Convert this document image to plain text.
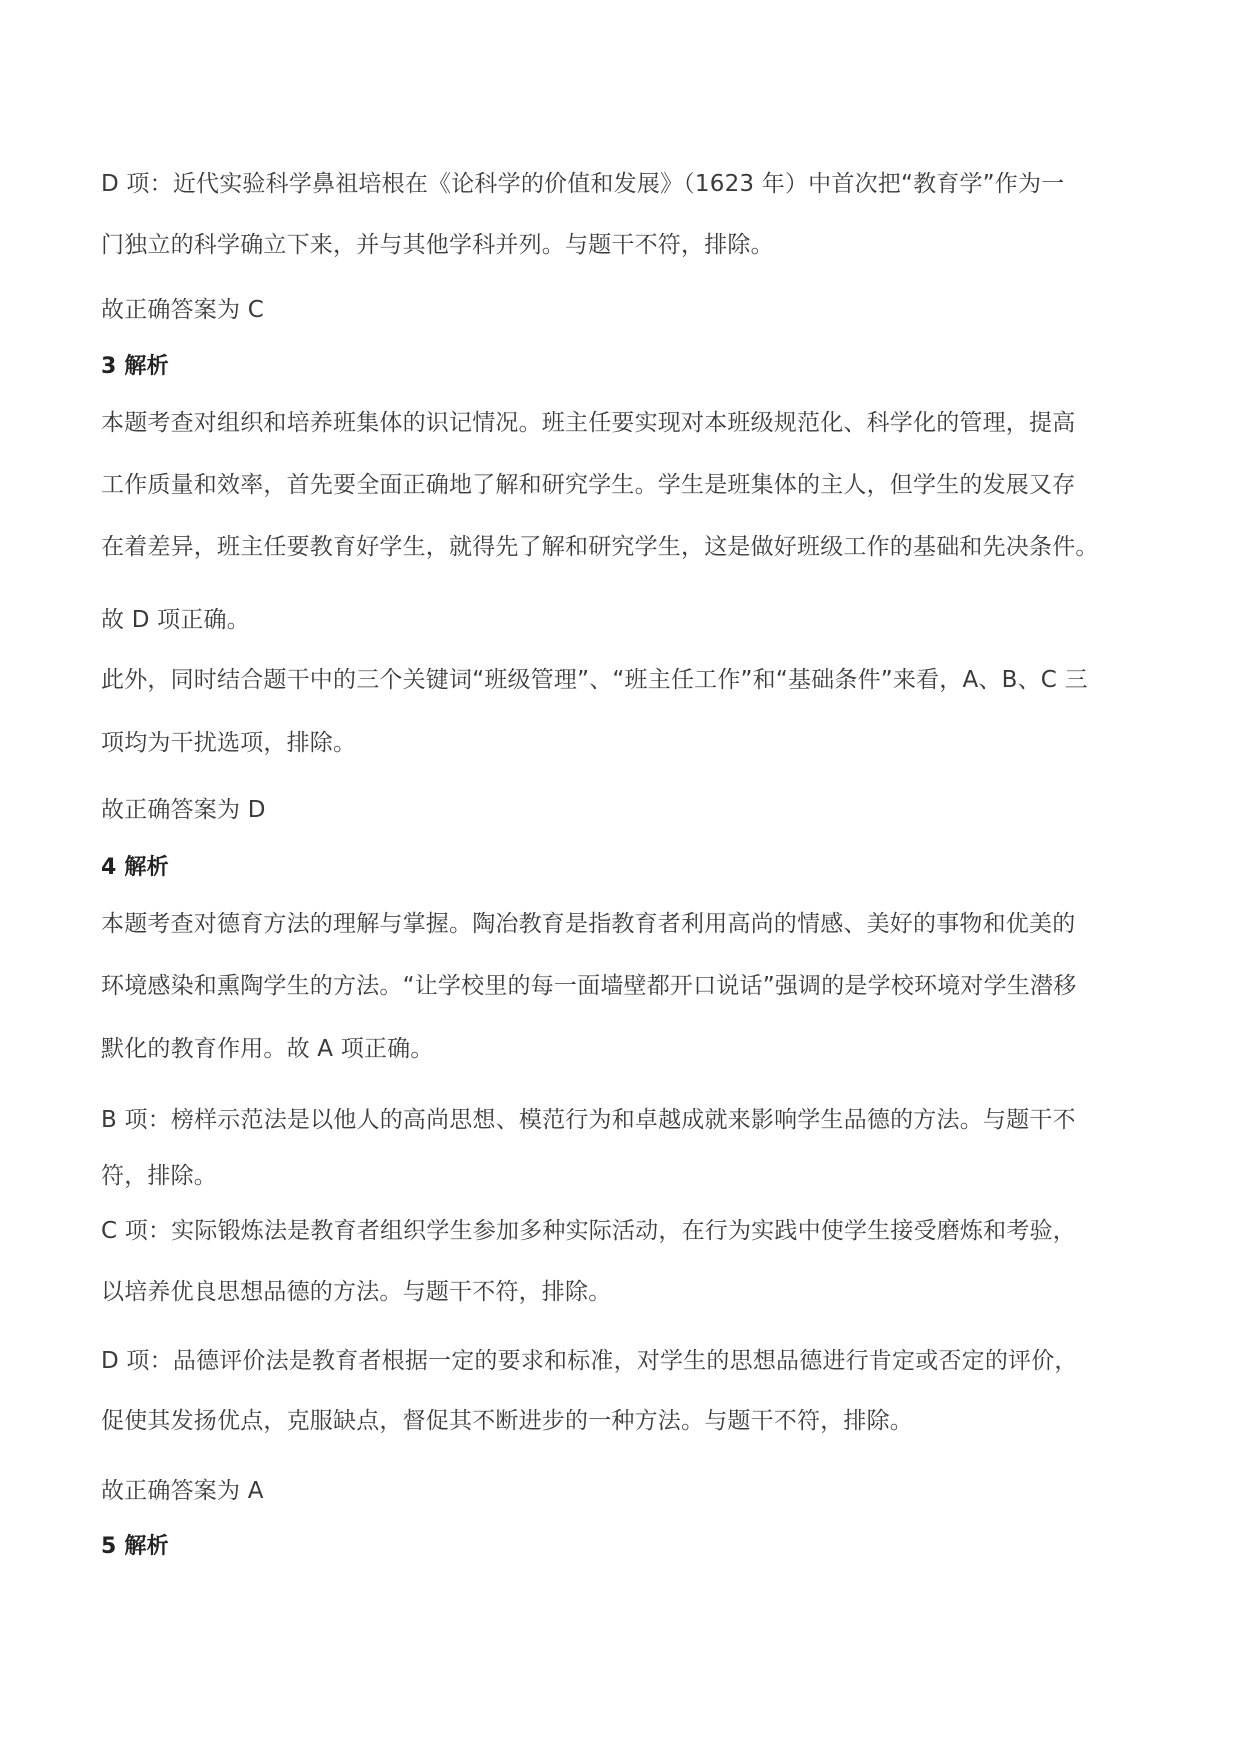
D 项：近代实验科学鼻祖培根在《论科学的价值和发展》（1623 年）中首次把“教育学”作为一
门独立的科学确立下来，并与其他学科并列。与题干不符，排除。
故正确答案为 C
3 解析
本题考查对组织和培养班集体的识记情况。班主任要实现对本班级规范化、科学化的管理，提高
工作质量和效率，首先要全面正确地了解和研究学生。学生是班集体的主人，但学生的发展又存
在着差异，班主任要教育好学生，就得先了解和研究学生，这是做好班级工作的基础和先决条件。
故 D 项正确。
此外，同时结合题干中的三个关键词“班级管理”、“班主任工作”和“基础条件”来看，A、B、C 三
项均为干扰选项，排除。
故正确答案为 D
4 解析
本题考查对德育方法的理解与掌握。陶冶教育是指教育者利用高尚的情感、美好的事物和优美的
环境感染和熏陶学生的方法。“让学校里的每一面墙壁都开口说话”强调的是学校环境对学生潜移
默化的教育作用。故 A 项正确。
B 项：榜样示范法是以他人的高尚思想、模范行为和卓越成就来影响学生品德的方法。与题干不
符，排除。
C 项：实际锻炼法是教育者组织学生参加多种实际活动，在行为实践中使学生接受磨炼和考验，
以培养优良思想品德的方法。与题干不符，排除。
D 项：品德评价法是教育者根据一定的要求和标准，对学生的思想品德进行肯定或否定的评价，
促使其发扬优点，克服缺点，督促其不断进步的一种方法。与题干不符，排除。
故正确答案为 A
5 解析
